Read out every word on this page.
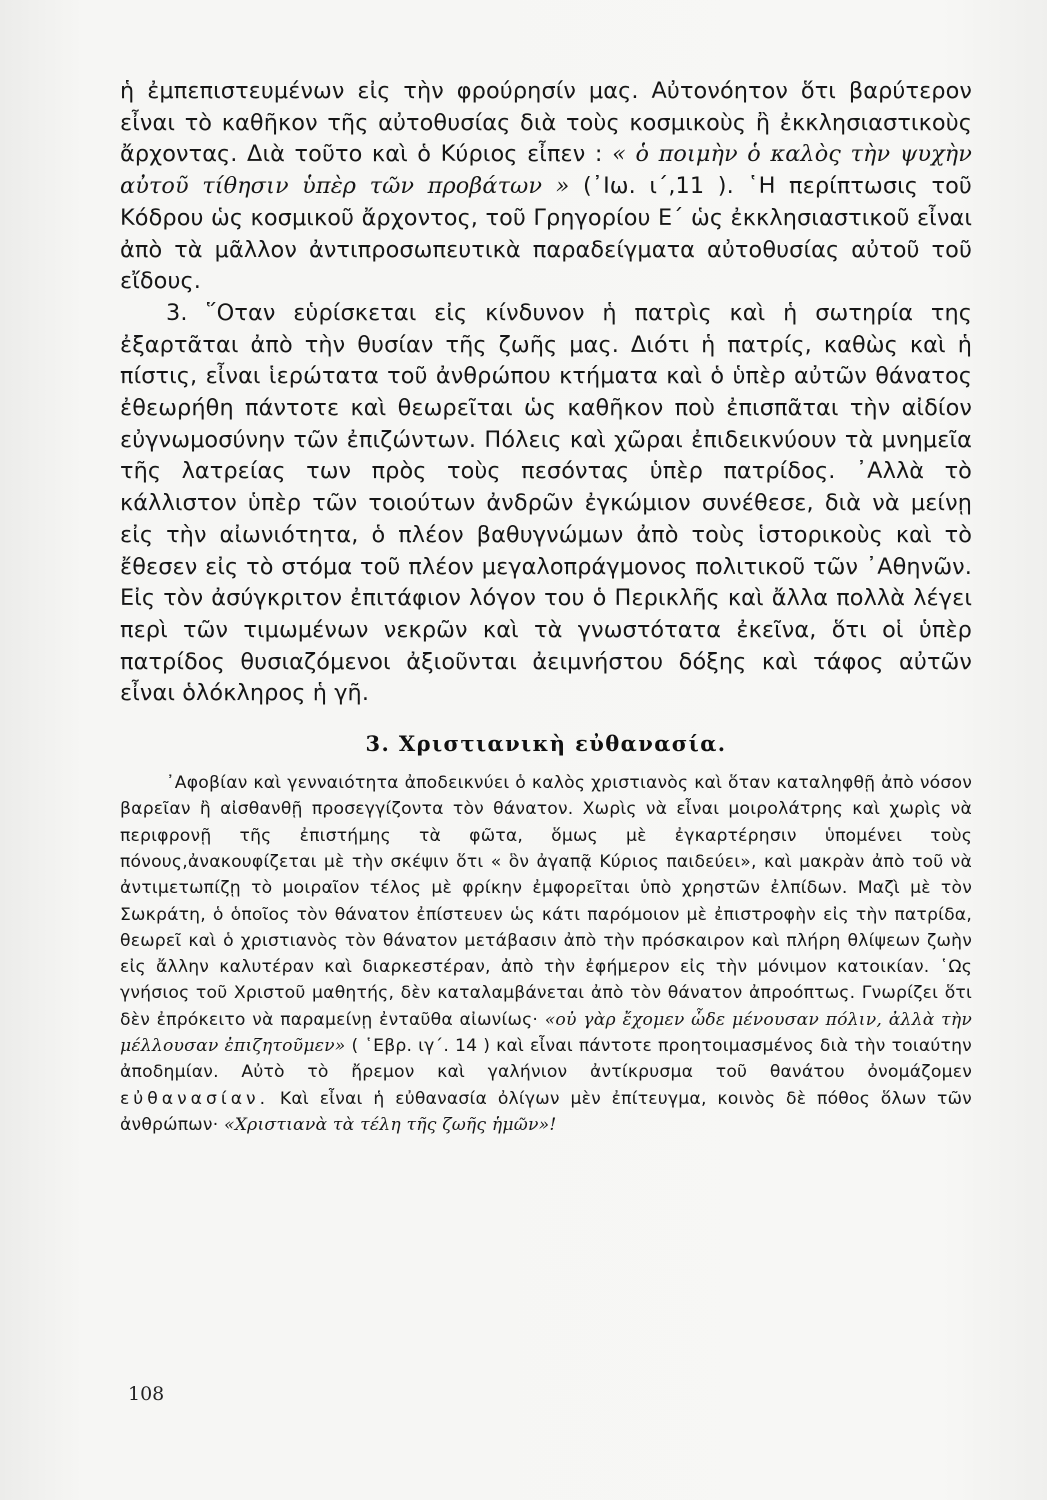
ἡ ἐμπεπιστευμένων εἰς τὴν φρούρησίν μας. Αὐτονόητον ὅτι βαρύτερον εἶναι τὸ καθῆκον τῆς αὐτοθυσίας διὰ τοὺς κοσμικοὺς ἢ ἐκκλησιαστικοὺς ἄρχοντας. Διὰ τοῦτο καὶ ὁ Κύριος εἶπεν : « ὁ ποιμὴν ὁ καλὸς τὴν ψυχὴν αὐτοῦ τίθησιν ὑπὲρ τῶν προβάτων » (᾿Ιω. ι΄,11 ). ῾Η περίπτωσις τοῦ Κόδρου ὡς κοσμικοῦ ἄρχοντος, τοῦ Γρηγορίου Ε΄ ὡς ἐκκλησιαστικοῦ εἶναι ἀπὸ τὰ μᾶλλον ἀντιπροσωπευτικὰ παραδείγματα αὐτοθυσίας αὐτοῦ τοῦ εἴδους.

3. ῞Οταν εὑρίσκεται εἰς κίνδυνον ἡ πατρὶς καὶ ἡ σωτηρία της ἐξαρτᾶται ἀπὸ τὴν θυσίαν τῆς ζωῆς μας. Διότι ἡ πατρίς, καθὼς καὶ ἡ πίστις, εἶναι ἱερώτατα τοῦ ἀνθρώπου κτήματα καὶ ὁ ὑπὲρ αὐτῶν θάνατος ἐθεωρήθη πάντοτε καὶ θεωρεῖται ὡς καθῆκον ποὺ ἐπισπᾶται τὴν αἰδίον εὐγνωμοσύνην τῶν ἐπιζώντων. Πόλεις καὶ χῶραι ἐπιδεικνύουν τὰ μνημεῖα τῆς λατρείας των πρὸς τοὺς πεσόντας ὑπὲρ πατρίδος. ᾿Αλλὰ τὸ κάλλιστον ὑπὲρ τῶν τοιούτων ἀνδρῶν ἐγκώμιον συνέθεσε, διὰ νὰ μείνῃ εἰς τὴν αἰωνιότητα, ὁ πλέον βαθυγνώμων ἀπὸ τοὺς ἱστορικοὺς καὶ τὸ ἔθεσεν εἰς τὸ στόμα τοῦ πλέον μεγαλοπράγμονος πολιτικοῦ τῶν ᾿Αθηνῶν. Εἰς τὸν ἀσύγκριτον ἐπιτάφιον λόγον του ὁ Περικλῆς καὶ ἄλλα πολλὰ λέγει περὶ τῶν τιμωμένων νεκρῶν καὶ τὰ γνωστότατα ἐκεῖνα, ὅτι οἱ ὑπὲρ πατρίδος θυσιαζόμενοι ἀξιοῦνται ἀειμνήστου δόξης καὶ τάφος αὐτῶν εἶναι ὁλόκληρος ἡ γῆ.

3. Χριστιανικὴ εὐθανασία.

᾿Αφοβίαν καὶ γενναιότητα ἀποδεικνύει ὁ καλὸς χριστιανὸς καὶ ὅταν καταληφθῇ ἀπὸ νόσον βαρεῖαν ἢ αἰσθανθῇ προσεγγίζοντα τὸν θάνατον. Χωρὶς νὰ εἶναι μοιρολάτρης καὶ χωρὶς νὰ περιφρονῇ τῆς ἐπιστήμης τὰ φῶτα, ὅμως μὲ ἐγκαρτέρησιν ὑπομένει τοὺς πόνους,ἀνακουφίζεται μὲ τὴν σκέψιν ὅτι « ὃν ἀγαπᾷ Κύριος παιδεύει», καὶ μακρὰν ἀπὸ τοῦ νὰ ἀντιμετωπίζῃ τὸ μοιραῖον τέλος μὲ φρίκην ἐμφορεῖται ὑπὸ χρηστῶν ἐλπίδων. Μαζὶ μὲ τὸν Σωκράτη, ὁ ὁποῖος τὸν θάνατον ἐπίστευεν ὡς κάτι παρόμοιον μὲ ἐπιστροφὴν εἰς τὴν πατρίδα, θεωρεῖ καὶ ὁ χριστιανὸς τὸν θάνατον μετάβασιν ἀπὸ τὴν πρόσκαιρον καὶ πλήρη θλίψεων ζωὴν εἰς ἄλλην καλυτέραν καὶ διαρκεστέραν, ἀπὸ τὴν ἐφήμερον εἰς τὴν μόνιμον κατοικίαν. ῾Ως γνήσιος τοῦ Χριστοῦ μαθητής, δὲν καταλαμβάνεται ἀπὸ τὸν θάνατον ἀπροόπτως. Γνωρίζει ὅτι δὲν ἐπρόκειτο νὰ παραμείνῃ ἐνταῦθα αἰωνίως· «οὐ γὰρ ἔχομεν ὧδε μένουσαν πόλιν, ἀλλὰ τὴν μέλλουσαν ἐπιζητοῦμεν» ( ῾Εβρ. ιγ΄. 14 ) καὶ εἶναι πάντοτε προητοιμασμένος διὰ τὴν τοιαύτην ἀποδημίαν. Αὐτὸ τὸ ἤρεμον καὶ γαλήνιον ἀντίκρυσμα τοῦ θανάτου ὀνομάζομεν εὐθανασίαν. Καὶ εἶναι ἡ εὐθανασία ὀλίγων μὲν ἐπίτευγμα, κοινὸς δὲ πόθος ὅλων τῶν ἀνθρώπων· «Χριστιανὰ τὰ τέλη τῆς ζωῆς ἡμῶν»!

108
